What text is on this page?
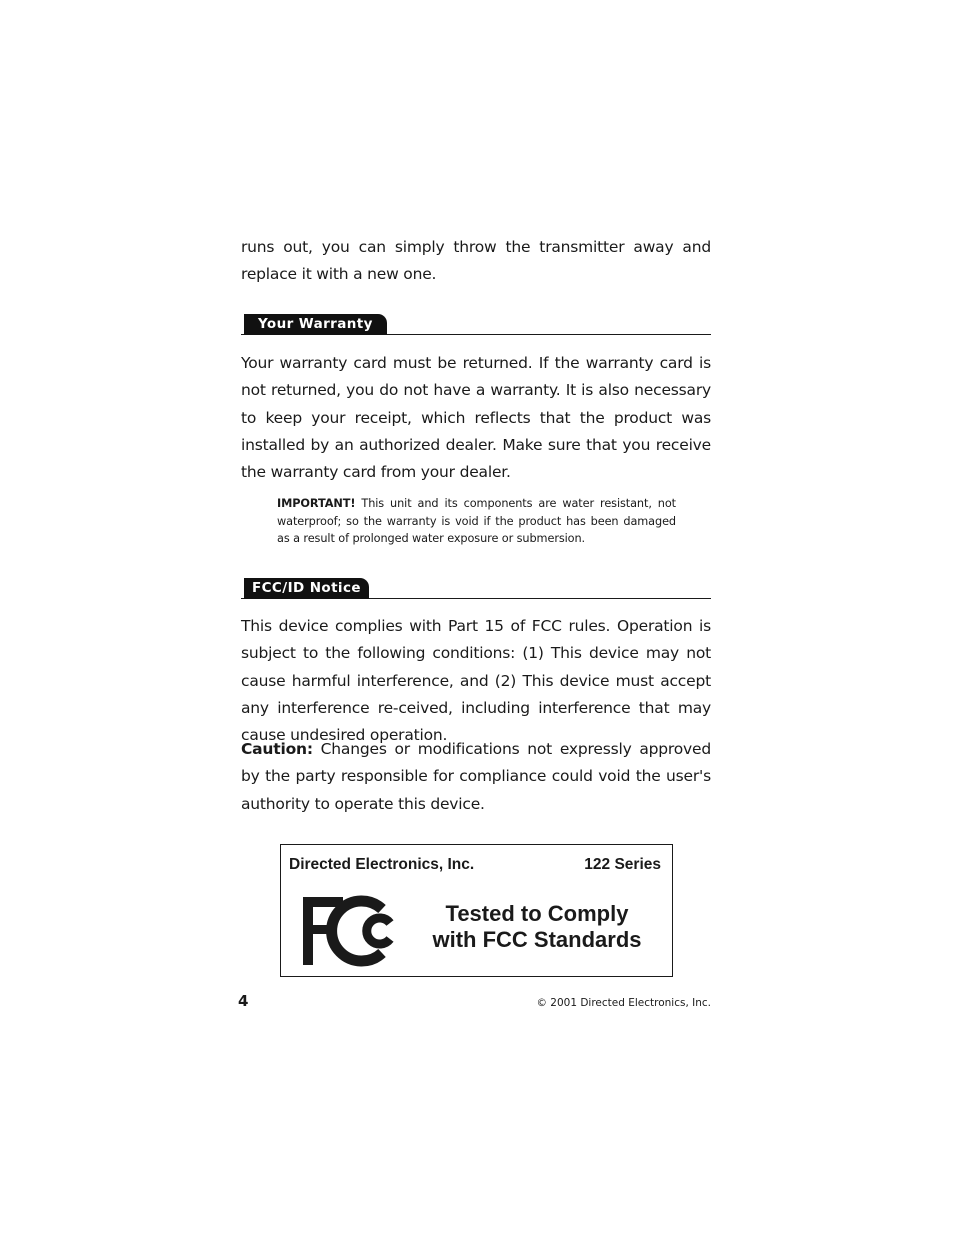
runs out, you can simply throw the transmitter away and replace it with a new one.

Your Warranty

Your warranty card must be returned. If the warranty card is not returned, you do not have a warranty. It is also necessary to keep your receipt, which reflects that the product was installed by an authorized dealer. Make sure that you receive the warranty card from your dealer.

IMPORTANT! This unit and its components are water resistant, not waterproof; so the warranty is void if the product has been damaged as a result of prolonged water exposure or submersion.

FCC/ID Notice

This device complies with Part 15 of FCC rules. Operation is subject to the following conditions: (1) This device may not cause harmful interference, and (2) This device must accept any interference re-ceived, including interference that may cause undesired operation.

Caution: Changes or modifications not expressly approved by the party responsible for compliance could void the user's authority to operate this device.

Directed Electronics, Inc.	122 Series
Tested to Comply
with FCC Standards
4	© 2001 Directed Electronics, Inc.
